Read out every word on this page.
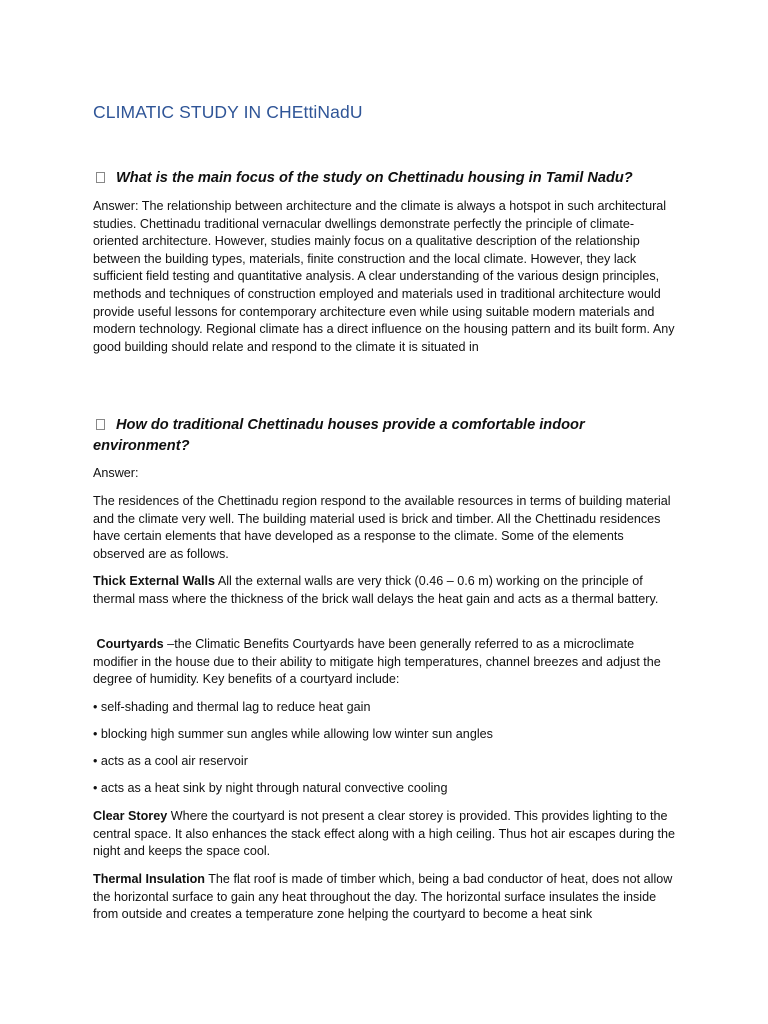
CLIMATIC STUDY IN CHEttiNadU
What is the main focus of the study on Chettinadu housing in Tamil Nadu?

Answer: The relationship between architecture and the climate is always a hotspot in such architectural studies. Chettinadu traditional vernacular dwellings demonstrate perfectly the principle of climate-oriented architecture. However, studies mainly focus on a qualitative description of the relationship between the building types, materials, finite construction and the local climate. However, they lack sufficient field testing and quantitative analysis. A clear understanding of the various design principles, methods and techniques of construction employed and materials used in traditional architecture would provide useful lessons for contemporary architecture even while using suitable modern materials and modern technology. Regional climate has a direct influence on the housing pattern and its built form. Any good building should relate and respond to the climate it is situated in

How do traditional Chettinadu houses provide a comfortable indoor environment?

Answer:

The residences of the Chettinadu region respond to the available resources in terms of building material and the climate very well. The building material used is brick and timber. All the Chettinadu residences have certain elements that have developed as a response to the climate. Some of the elements observed are as follows.

Thick External Walls All the external walls are very thick (0.46 – 0.6 m) working on the principle of thermal mass where the thickness of the brick wall delays the heat gain and acts as a thermal battery.

Courtyards –the Climatic Benefits Courtyards have been generally referred to as a microclimate modifier in the house due to their ability to mitigate high temperatures, channel breezes and adjust the degree of humidity. Key benefits of a courtyard include:

• self-shading and thermal lag to reduce heat gain

• blocking high summer sun angles while allowing low winter sun angles

• acts as a cool air reservoir

• acts as a heat sink by night through natural convective cooling

Clear Storey Where the courtyard is not present a clear storey is provided. This provides lighting to the central space. It also enhances the stack effect along with a high ceiling. Thus hot air escapes during the night and keeps the space cool.

Thermal Insulation The flat roof is made of timber which, being a bad conductor of heat, does not allow the horizontal surface to gain any heat throughout the day. The horizontal surface insulates the inside from outside and creates a temperature zone helping the courtyard to become a heat sink
